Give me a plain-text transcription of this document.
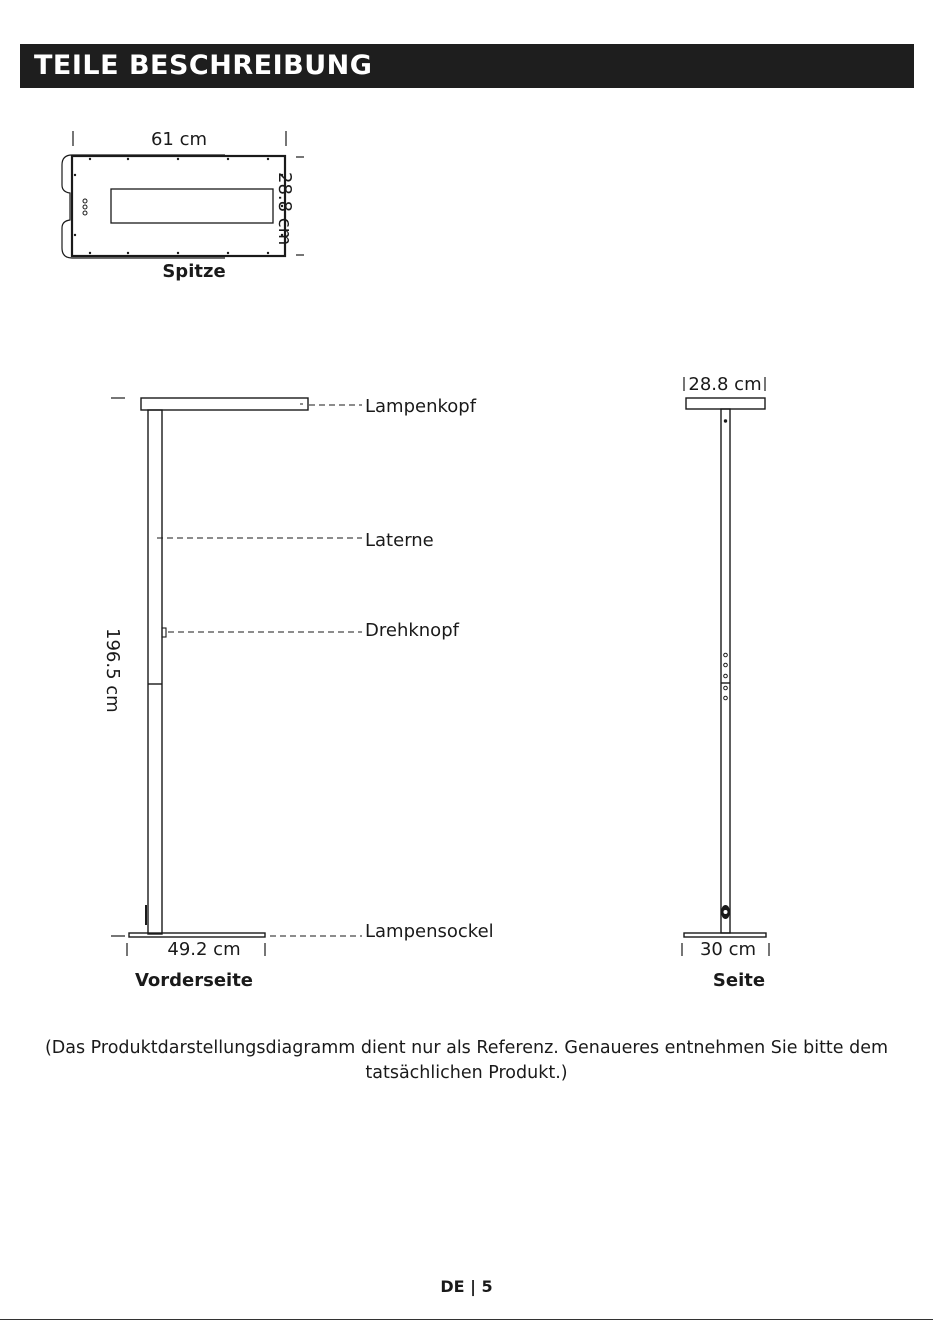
TEILE BESCHREIBUNG
61 cm
28.8 cm
Spitze
196.5 cm
49.2 cm
Vorderseite
Lampenkopf
Laterne
Drehknopf
Lampensockel
28.8 cm
30 cm
Seite
(Das Produktdarstellungsdiagramm dient nur als Referenz. Genaueres entnehmen Sie bitte dem tatsächlichen Produkt.)
DE | 5
